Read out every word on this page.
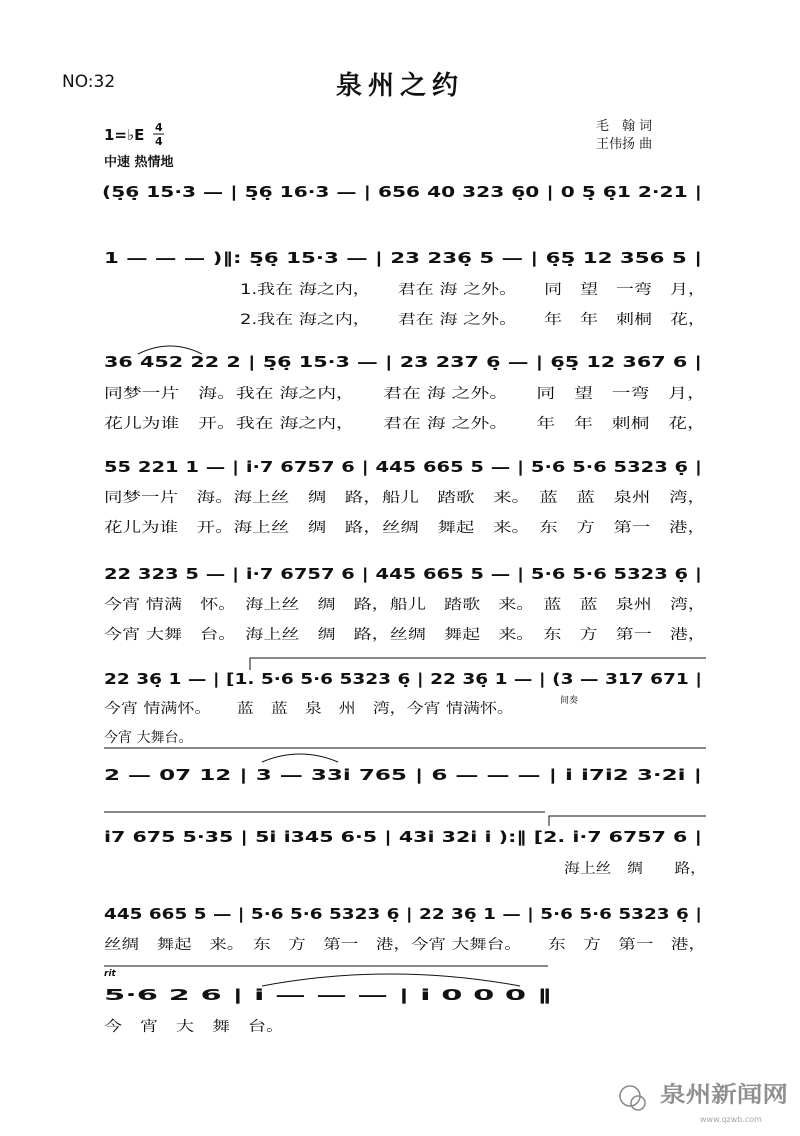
NO:32	泉州之约
1=♭E 4
4
中速 热情地
毛　翰 词
王伟扬 曲
(5̣6̣ 15·3 — | 5̣6̣ 16·3 — | 656 40 323 6̣0 | 0 5̣ 6̣1 2·21 |
1 — — — )‖: 5̣6̣ 15·3 — | 23 236̣ 5 — | 6̣5̣ 12 356 5 |
1.我在 海之内，　　君在 海 之外。　　同　望　一弯　月，
2.我在 海之内，　　君在 海 之外。　　年　年　刺桐　花，
36 452 22 2 | 5̣6̣ 15·3 — | 23 237 6̣ — | 6̣5̣ 12 367 6 |
同梦一片　海。我在 海之内，　　君在 海 之外。　　同　望　一弯　月，
花儿为谁　开。我在 海之内，　　君在 海 之外。　　年　年　刺桐　花，
55 221 1 — | i·7 6757 6 | 445 665 5 — | 5·6 5·6 5323 6̣ |
同梦一片　海。海上丝　绸　路，船儿　踏歌　来。　蓝　蓝　泉州　湾，
花儿为谁　开。海上丝　绸　路，丝绸　舞起　来。　东　方　第一　港，
22 323 5 — | i·7 6757 6 | 445 665 5 — | 5·6 5·6 5323 6̣ |
今宵 情满　怀。　海上丝　绸　路，船儿　踏歌　来。　蓝　蓝　泉州　湾，
今宵 大舞　台。　海上丝　绸　路，丝绸　舞起　来。　东　方　第一　港，
22 36̣ 1 — | [1. 5·6 5·6 5323 6̣ | 22 36̣ 1 — | (3 — 317 671 |
间奏
今宵 情满怀。　　蓝　蓝　泉　州　湾，今宵 情满怀。
今宵 大舞台。
2 — 07 12 | 3 — 33i 765 | 6 — — — | i i7i2 3·2i |
i7 675 5·35 | 5i i345 6·5 | 43i 32i i ):‖ [2. i·7 6757 6 |
海上丝　绸　　路，
445 665 5 — | 5·6 5·6 5323 6̣ | 22 36̣ 1 — | 5·6 5·6 5323 6̣ |
丝绸　舞起　来。　东　方　第一　港，今宵 大舞台。　　东　方　第一　港，
rit
5·6 2 6 | i — — — | i 0 0 0 ‖
今　宵　大　舞　台。
泉州新闻网
www.qzwb.com
